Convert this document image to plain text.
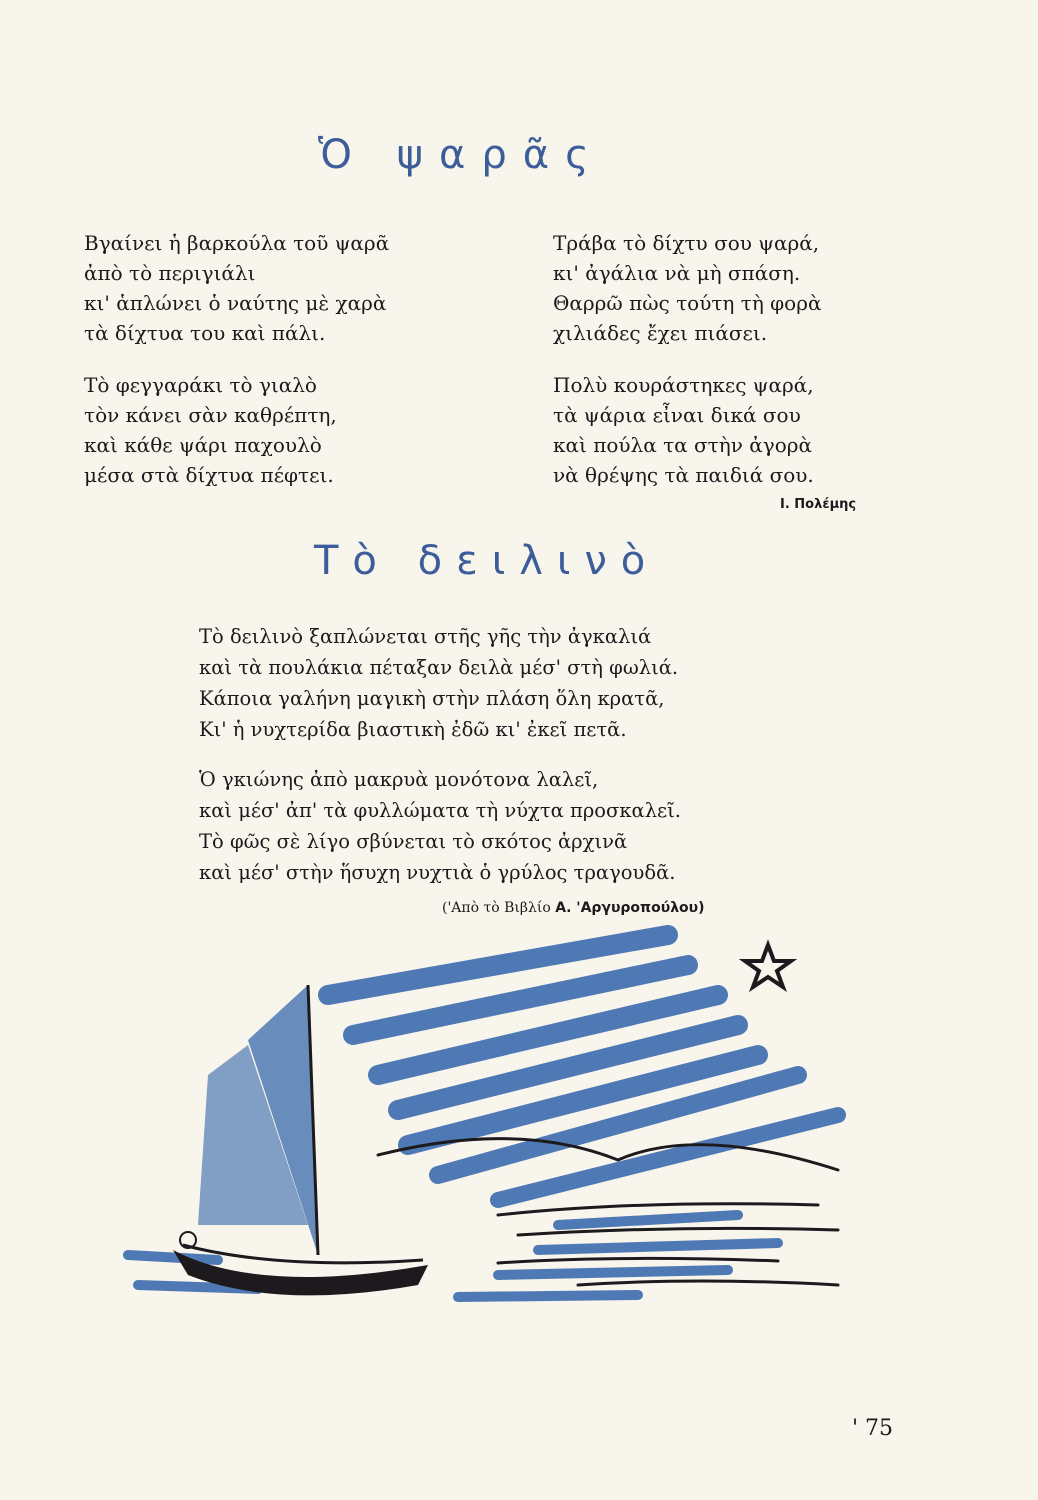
Ὁ ψαρᾶς
Βγαίνει ἡ βαρκούλα τοῦ ψαρᾶ
ἀπὸ τὸ περιγιάλι
κι' ἁπλώνει ὁ ναύτης μὲ χαρὰ
τὰ δίχτυα του καὶ πάλι.
Τὸ φεγγαράκι τὸ γιαλὸ
τὸν κάνει σὰν καθρέπτη,
καὶ κάθε ψάρι παχουλὸ
μέσα στὰ δίχτυα πέφτει.
Τράβα τὸ δίχτυ σου ψαρά,
κι' ἀγάλια νὰ μὴ σπάση.
Θαρρῶ πὼς τούτη τὴ φορὰ
χιλιάδες ἔχει πιάσει.
Πολὺ κουράστηκες ψαρά,
τὰ ψάρια εἶναι δικά σου
καὶ πούλα τα στὴν ἀγορὰ
νὰ θρέψης τὰ παιδιά σου.
Ι. Πολέμης
Τὸ δειλινὸ
Τὸ δειλινὸ ξαπλώνεται στῆς γῆς τὴν ἀγκαλιά
καὶ τὰ πουλάκια πέταξαν δειλὰ μέσ' στὴ φωλιά.
Κάποια γαλήνη μαγικὴ στὴν πλάση ὅλη κρατᾶ,
Κι' ἡ νυχτερίδα βιαστικὴ ἐδῶ κι' ἐκεῖ πετᾶ.
Ὁ γκιώνης ἀπὸ μακρυὰ μονότονα λαλεῖ,
καὶ μέσ' ἀπ' τὰ φυλλώματα τὴ νύχτα προσκαλεῖ.
Τὸ φῶς σὲ λίγο σβύνεται τὸ σκότος ἀρχινᾶ
καὶ μέσ' στὴν ἥσυχη νυχτιὰ ὁ γρύλος τραγουδᾶ.
('Απὸ τὸ Βιβλίο Α. 'Αργυροπούλου)
' 75
